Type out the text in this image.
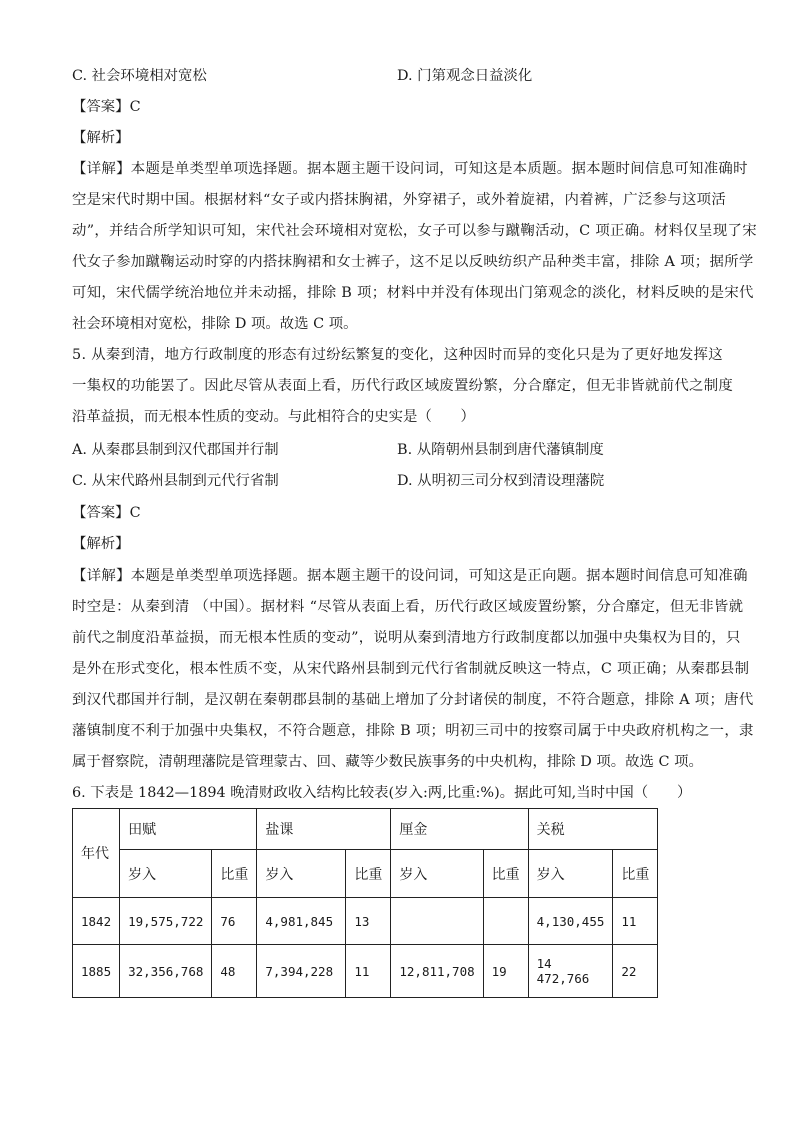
C. 社会环境相对宽松	D. 门第观念日益淡化
【答案】C
【解析】
【详解】本题是单类型单项选择题。据本题主题干设问词，可知这是本质题。据本题时间信息可知准确时
空是宋代时期中国。根据材料“女子或内搭抹胸裙，外穿裙子，或外着旋裙，内着裤，广泛参与这项活
动”，并结合所学知识可知，宋代社会环境相对宽松，女子可以参与蹴鞠活动，C 项正确。材料仅呈现了宋
代女子参加蹴鞠运动时穿的内搭抹胸裙和女士裤子，这不足以反映纺织产品种类丰富，排除 A 项；据所学
可知，宋代儒学统治地位并未动摇，排除 B 项；材料中并没有体现出门第观念的淡化，材料反映的是宋代
社会环境相对宽松，排除 D 项。故选 C 项。
5. 从秦到清，地方行政制度的形态有过纷纭繁复的变化，这种因时而异的变化只是为了更好地发挥这
一集权的功能罢了。因此尽管从表面上看，历代行政区域废置纷繁，分合靡定，但无非皆就前代之制度
沿革益损，而无根本性质的变动。与此相符合的史实是（　　）
A. 从秦郡县制到汉代郡国并行制	B. 从隋朝州县制到唐代藩镇制度
C. 从宋代路州县制到元代行省制	D. 从明初三司分权到清设理藩院
【答案】C
【解析】
【详解】本题是单类型单项选择题。据本题主题干的设问词，可知这是正向题。据本题时间信息可知准确
时空是：从秦到清 （中国）。据材料 “尽管从表面上看，历代行政区域废置纷繁，分合靡定，但无非皆就
前代之制度沿革益损，而无根本性质的变动”，说明从秦到清地方行政制度都以加强中央集权为目的，只
是外在形式变化，根本性质不变，从宋代路州县制到元代行省制就反映这一特点，C 项正确；从秦郡县制
到汉代郡国并行制，是汉朝在秦朝郡县制的基础上增加了分封诸侯的制度，不符合题意，排除 A 项；唐代
藩镇制度不利于加强中央集权，不符合题意，排除 B 项；明初三司中的按察司属于中央政府机构之一，隶
属于督察院，清朝理藩院是管理蒙古、回、藏等少数民族事务的中央机构，排除 D 项。故选 C 项。
6. 下表是 1842—1894 晚清财政收入结构比较表(岁入:两,比重:%)。据此可知,当时中国（　　）
年代	田赋		盐课		厘金		关税	
	岁入	比重	岁入	比重	岁入	比重	岁入	比重
1842	19,575,722	76	4,981,845	13			4,130,455	11
1885	32,356,768	48	7,394,228	11	12,811,708	19	14 472,766	22
